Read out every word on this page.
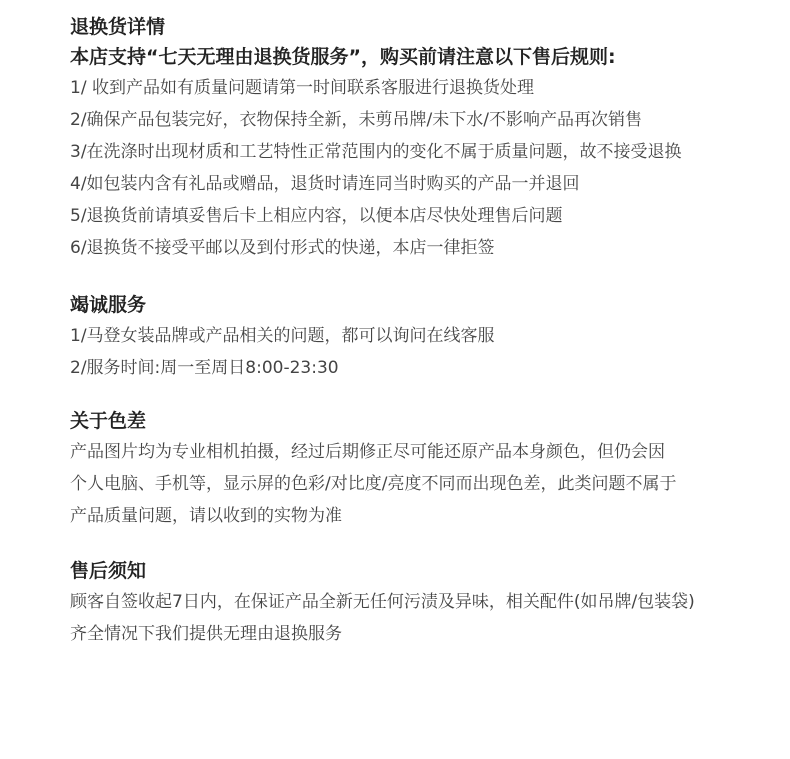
退换货详情
本店支持“七天无理由退换货服务”，购买前请注意以下售后规则:
1/ 收到产品如有质量问题请第一时间联系客服进行退换货处理
2/确保产品包装完好，衣物保持全新，未剪吊牌/未下水/不影响产品再次销售
3/在洗涤时出现材质和工艺特性正常范围内的变化不属于质量问题，故不接受退换
4/如包装内含有礼品或赠品，退货时请连同当时购买的产品一并退回
5/退换货前请填妥售后卡上相应内容，以便本店尽快处理售后问题
6/退换货不接受平邮以及到付形式的快递，本店一律拒签
竭诚服务
1/马登女装品牌或产品相关的问题，都可以询问在线客服
2/服务时间:周一至周日8:00-23:30
关于色差
产品图片均为专业相机拍摄，经过后期修正尽可能还原产品本身颜色，但仍会因
个人电脑、手机等，显示屏的色彩/对比度/亮度不同而出现色差，此类问题不属于
产品质量问题，请以收到的实物为准
售后须知
顾客自签收起7日内，在保证产品全新无任何污渍及异味，相关配件(如吊牌/包装袋)
齐全情况下我们提供无理由退换服务
